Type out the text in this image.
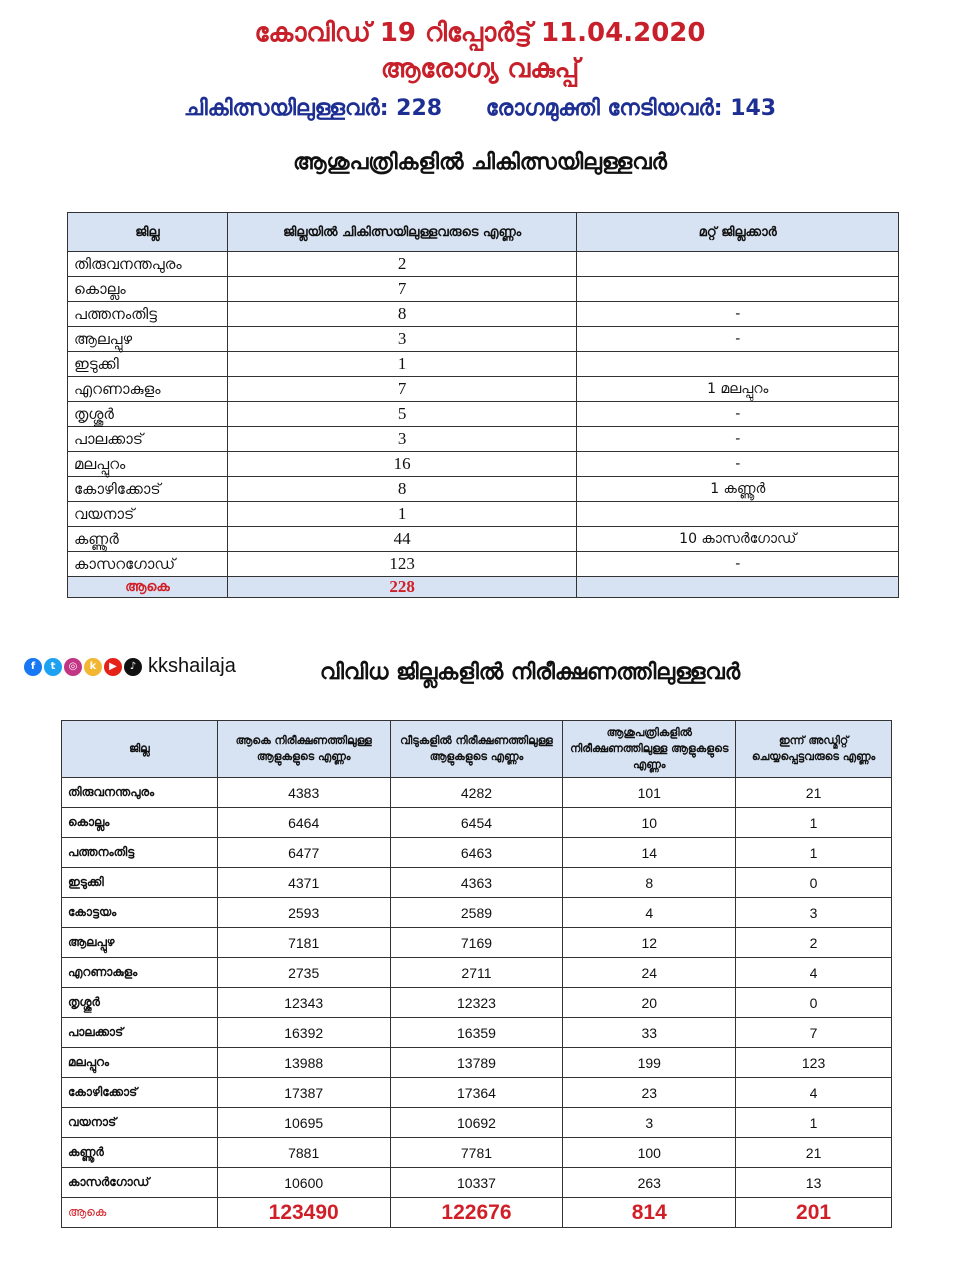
കോവിഡ് 19 റിപ്പോർട്ട് 11.04.2020
ആരോഗ്യ വകുപ്പ്
ചികിത്സയിലുള്ളവർ: 228 രോഗമുക്തി നേടിയവർ: 143
ആശുപത്രികളിൽ ചികിത്സയിലുള്ളവർ
ജില്ല	ജില്ലയിൽ ചികിത്സയിലുള്ളവരുടെ എണ്ണം	മറ്റ് ജില്ലക്കാർ
തിരുവനന്തപുരം	2	
കൊല്ലം	7	
പത്തനംതിട്ട	8	-
ആലപ്പുഴ	3	-
ഇടുക്കി	1	
എറണാകുളം	7	1 മലപ്പുറം
തൃശ്ശൂർ	5	-
പാലക്കാട്	3	-
മലപ്പുറം	16	-
കോഴിക്കോട്	8	1 കണ്ണൂർ
വയനാട്	1	
കണ്ണൂർ	44	10 കാസർഗോഡ്
കാസറഗോഡ്	123	-
ആകെ	228	
f	t	◎	k	▶	♪ kkshailaja	വിവിധ ജില്ലകളിൽ നിരീക്ഷണത്തിലുള്ളവർ
ജില്ല	ആകെ നിരീക്ഷണത്തിലുള്ള ആളുകളുടെ എണ്ണം	വീടുകളിൽ നിരീക്ഷണത്തിലുള്ള ആളുകളുടെ എണ്ണം	ആശുപത്രികളിൽ നിരീക്ഷണത്തിലുള്ള ആളുകളുടെ എണ്ണം	ഇന്ന് അഡ്മിറ്റ് ചെയ്യപ്പെട്ടവരുടെ എണ്ണം
തിരുവനന്തപുരം	4383	4282	101	21
കൊല്ലം	6464	6454	10	1
പത്തനംതിട്ട	6477	6463	14	1
ഇടുക്കി	4371	4363	8	0
കോട്ടയം	2593	2589	4	3
ആലപ്പുഴ	7181	7169	12	2
എറണാകുളം	2735	2711	24	4
തൃശ്ശൂർ	12343	12323	20	0
പാലക്കാട്	16392	16359	33	7
മലപ്പുറം	13988	13789	199	123
കോഴിക്കോട്	17387	17364	23	4
വയനാട്	10695	10692	3	1
കണ്ണൂർ	7881	7781	100	21
കാസർഗോഡ്	10600	10337	263	13
ആകെ	123490	122676	814	201
